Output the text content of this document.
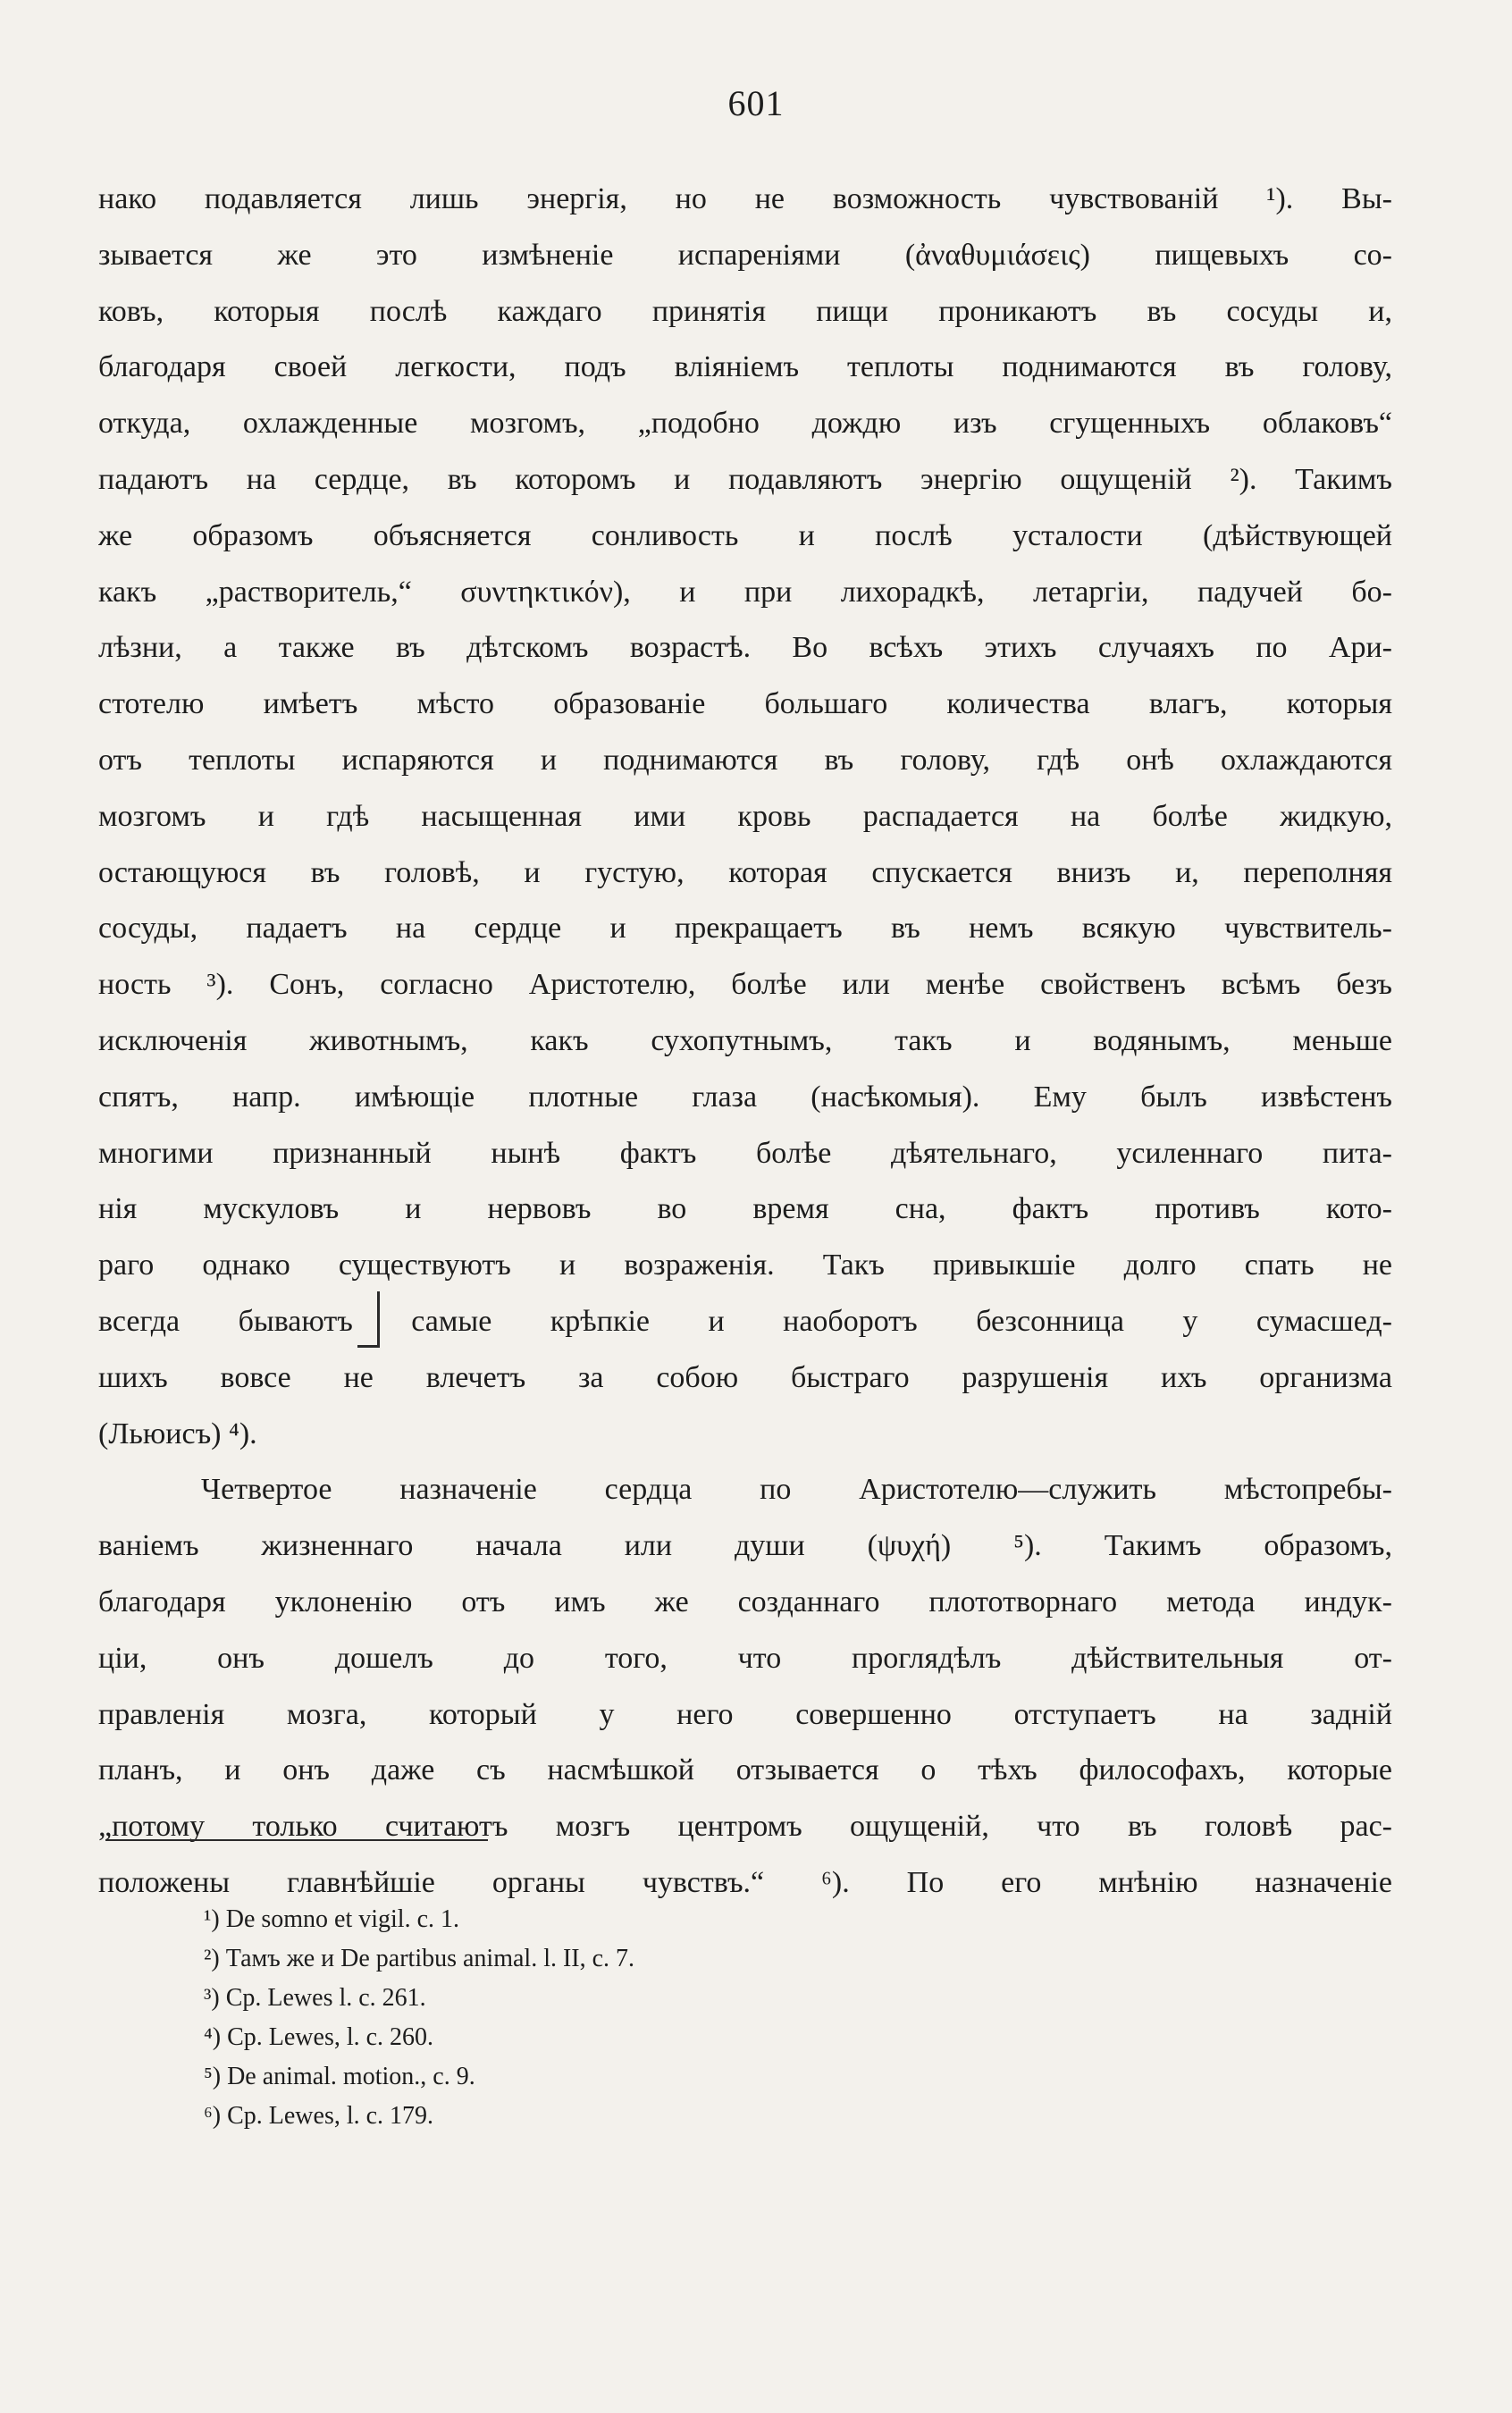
601
нако подавляется лишь энергія, но не возможность чувствованій ¹). Вы-
зывается же это измѣненіе испареніями (ἀναθυμιάσεις) пищевыхъ со-
ковъ, которыя послѣ каждаго принятія пищи проникаютъ въ сосуды и,
благодаря своей легкости, подъ вліяніемъ теплоты поднимаются въ голову,
откуда, охлажденные мозгомъ, „подобно дождю изъ сгущенныхъ облаковъ“
падаютъ на сердце, въ которомъ и подавляютъ энергію ощущеній ²). Такимъ
же образомъ объясняется сонливость и послѣ усталости (дѣйствующей
какъ „растворитель,“ συντηκτικόν), и при лихорадкѣ, летаргіи, падучей бо-
лѣзни, а также въ дѣтскомъ возрастѣ. Во всѣхъ этихъ случаяхъ по Ари-
стотелю имѣетъ мѣсто образованіе большаго количества влагъ, которыя
отъ теплоты испаряются и поднимаются въ голову, гдѣ онѣ охлаждаются
мозгомъ и гдѣ насыщенная ими кровь распадается на болѣе жидкую,
остающуюся въ головѣ, и густую, которая спускается внизъ и, переполняя
сосуды, падаетъ на сердце и прекращаетъ въ немъ всякую чувствитель-
ность ³). Сонъ, согласно Аристотелю, болѣе или менѣе свойственъ всѣмъ безъ
исключенія животнымъ, какъ сухопутнымъ, такъ и водянымъ, меньше
спятъ, напр. имѣющіе плотные глаза (насѣкомыя). Ему былъ извѣстенъ
многими признанный нынѣ фактъ болѣе дѣятельнаго, усиленнаго пита-
нія мускуловъ и нервовъ во время сна, фактъ противъ кото-
раго однако существуютъ и возраженія. Такъ привыкшіе долго спать не
всегда бываютъ самые крѣпкіе и наоборотъ безсонница у сумасшед-
шихъ вовсе не влечетъ за собою быстраго разрушенія ихъ организма
(Льюисъ) ⁴).
Четвертое назначеніе сердца по Аристотелю—служить мѣстопребы-
ваніемъ жизненнаго начала или души (ψυχή) ⁵). Такимъ образомъ,
благодаря уклоненію отъ имъ же созданнаго плототворнаго метода индук-
ціи, онъ дошелъ до того, что проглядѣлъ дѣйствительныя от-
правленія мозга, который у него совершенно отступаетъ на задній
планъ, и онъ даже съ насмѣшкой отзывается о тѣхъ философахъ, которые
„потому только считаютъ мозгъ центромъ ощущеній, что въ головѣ рас-
положены главнѣйшіе органы чувствъ.“ ⁶). По его мнѣнію назначеніе
¹) De somno et vigil. c. 1.
²) Тамъ же и De partibus animal. l. II, c. 7.
³) Ср. Lewes l. c. 261.
⁴) Ср. Lewes, l. c. 260.
⁵) De animal. motion., c. 9.
⁶) Ср. Lewes, l. c. 179.
